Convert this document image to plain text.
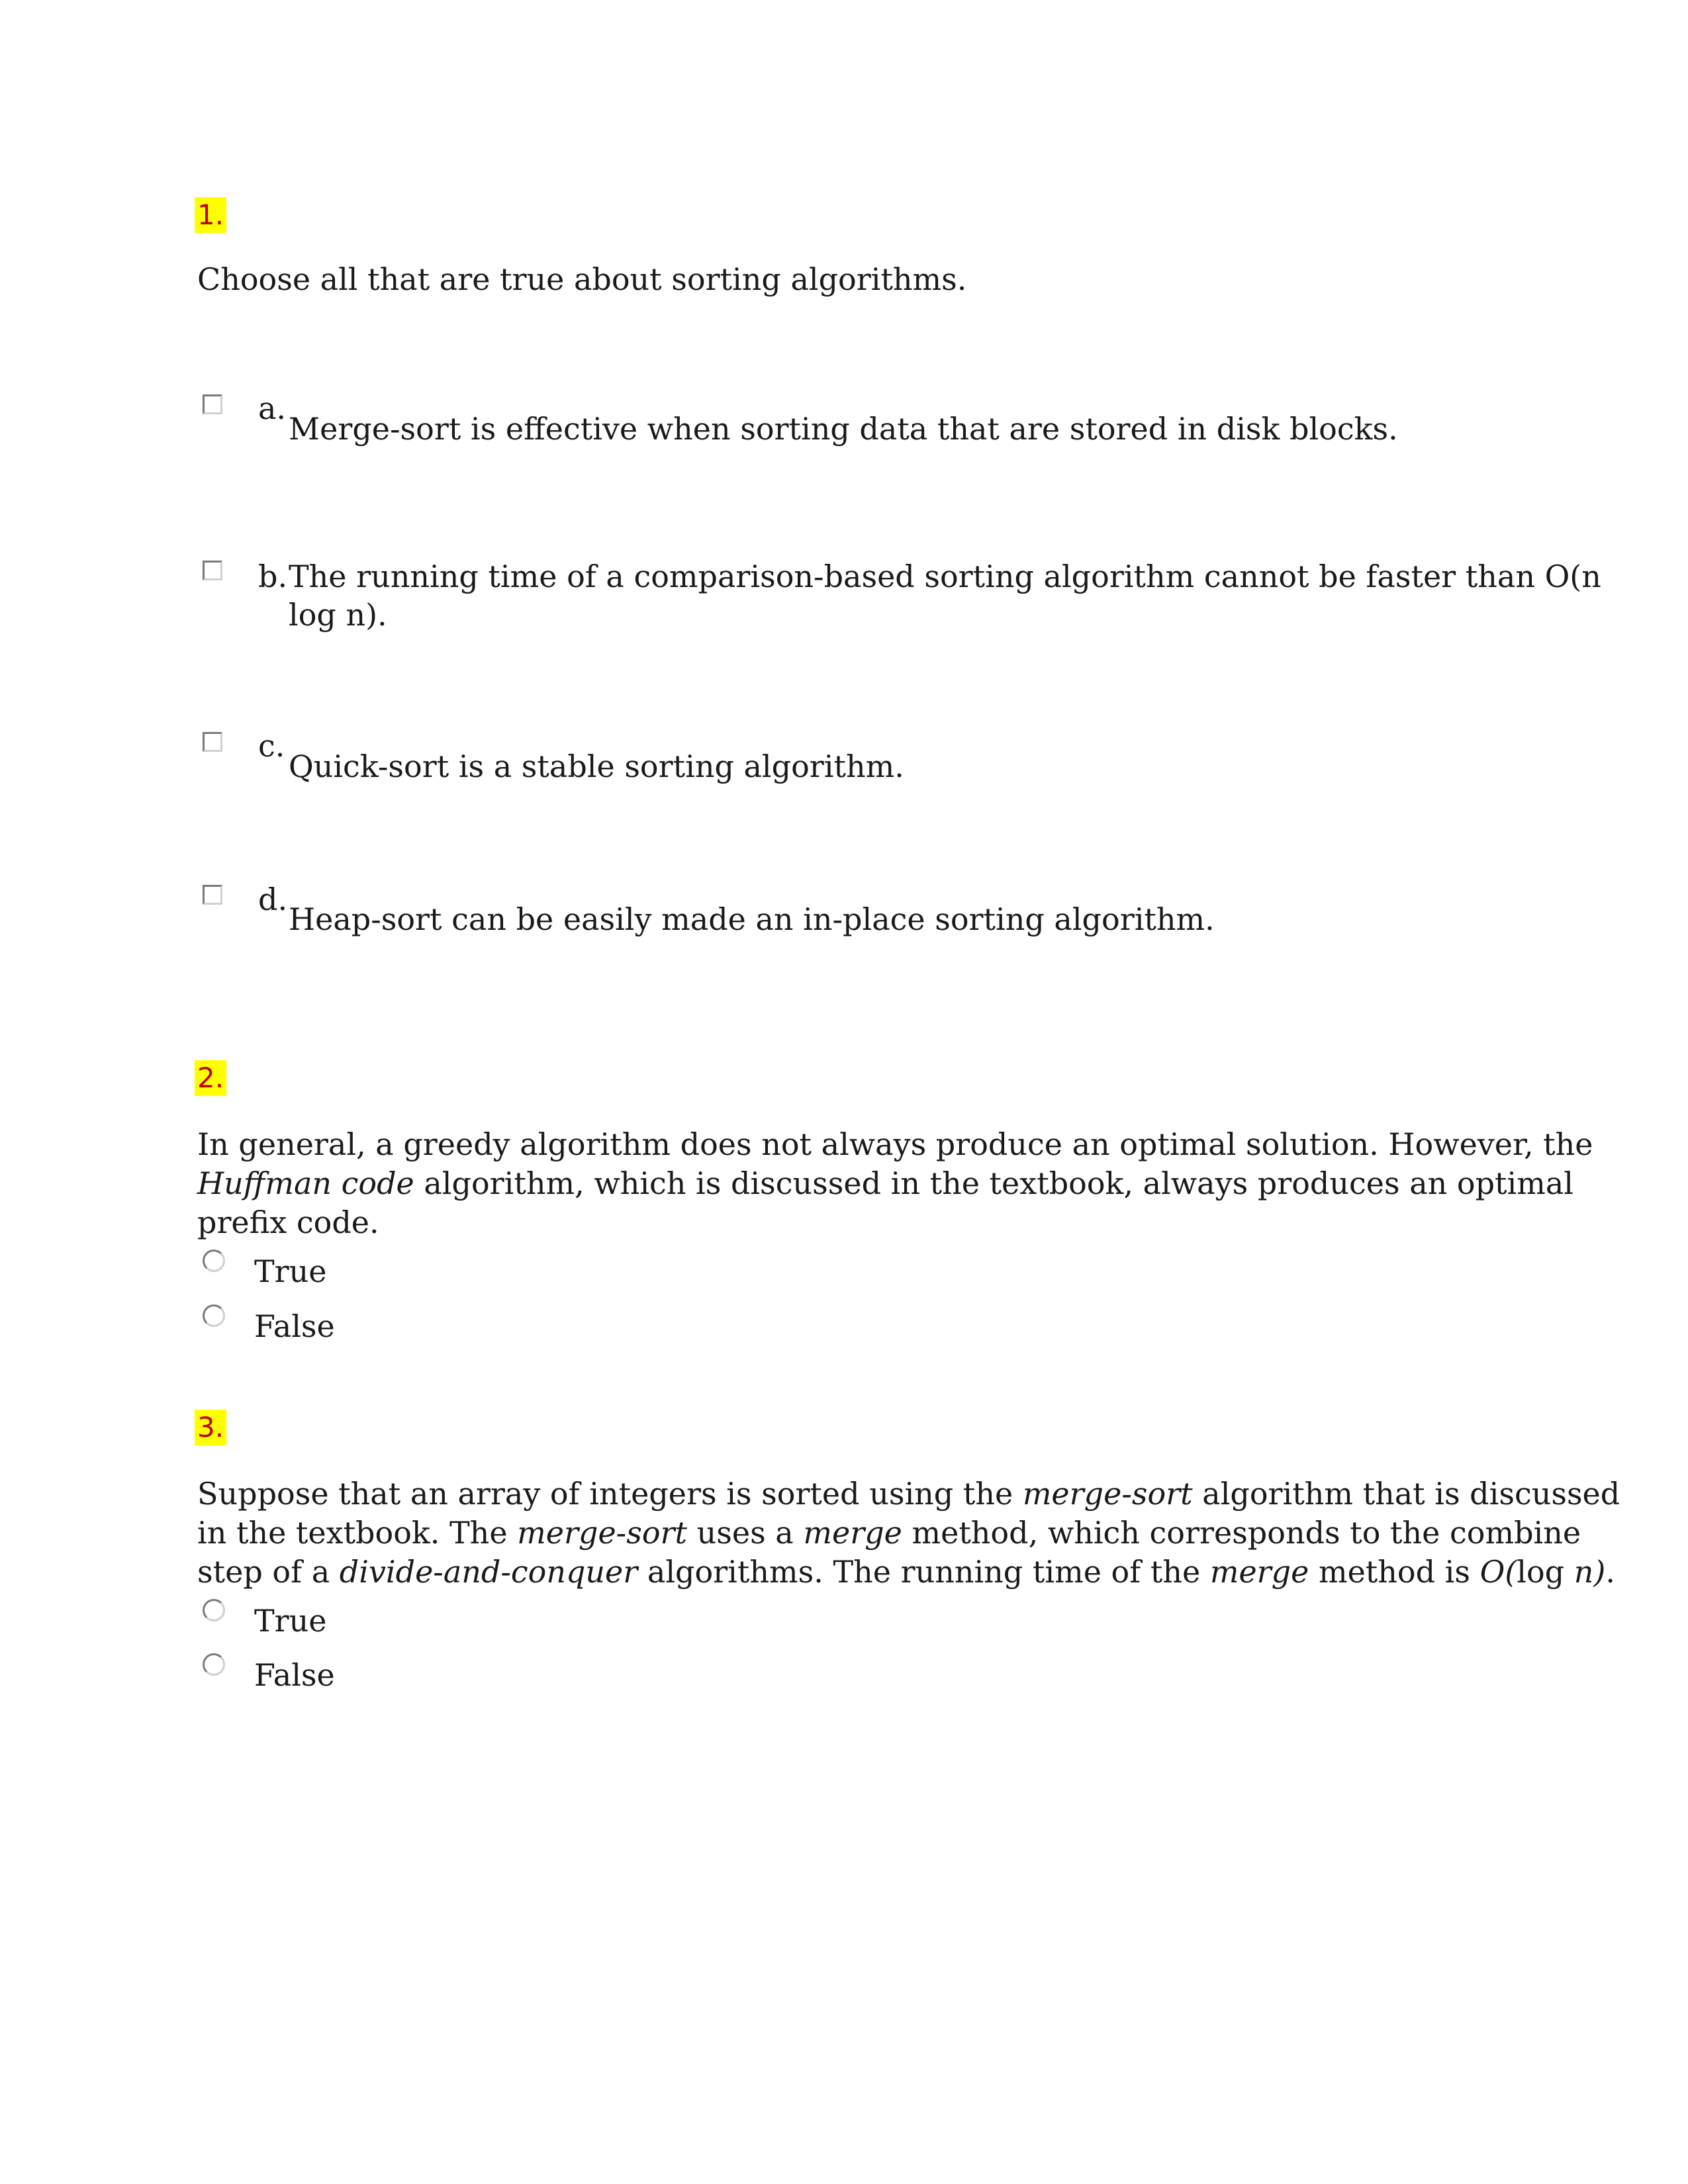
1.
Choose all that are true about sorting algorithms.
a.
Merge-sort is effective when sorting data that are stored in disk blocks.
b. The running time of a comparison-based sorting algorithm cannot be faster than O(n
log n).
c.
Quick-sort is a stable sorting algorithm.
d.
Heap-sort can be easily made an in-place sorting algorithm.
2.
In general, a greedy algorithm does not always produce an optimal solution. However, the
Huffman code algorithm, which is discussed in the textbook, always produces an optimal
prefix code.
True
False
3.
Suppose that an array of integers is sorted using the merge-sort algorithm that is discussed
in the textbook. The merge-sort uses a merge method, which corresponds to the combine
step of a divide-and-conquer algorithms. The running time of the merge method is O(log n).
True
False
